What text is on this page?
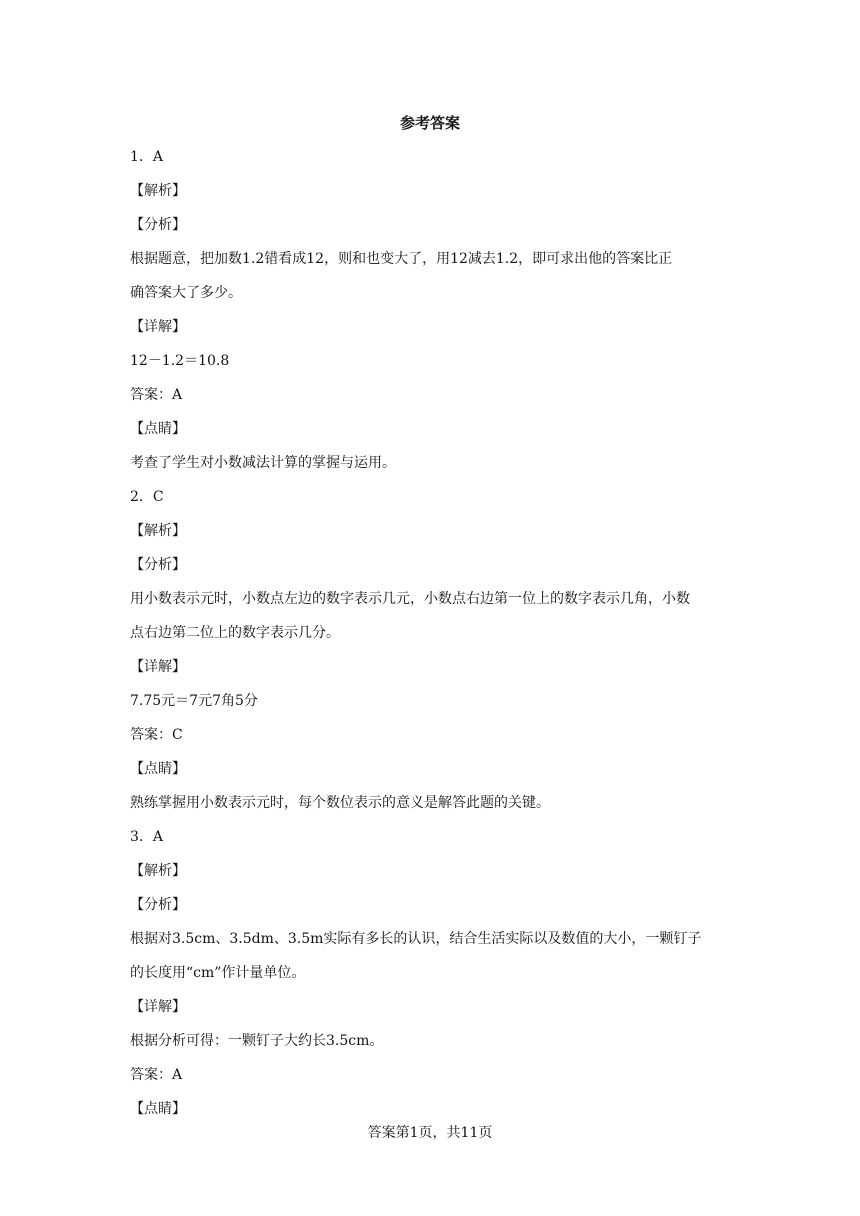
参考答案
1．A
【解析】
【分析】
根据题意，把加数1.2错看成12，则和也变大了，用12减去1.2，即可求出他的答案比正
确答案大了多少。
【详解】
12－1.2＝10.8
答案：A
【点睛】
考查了学生对小数减法计算的掌握与运用。
2．C
【解析】
【分析】
用小数表示元时，小数点左边的数字表示几元，小数点右边第一位上的数字表示几角，小数
点右边第二位上的数字表示几分。
【详解】
7.75元＝7元7角5分
答案：C
【点睛】
熟练掌握用小数表示元时，每个数位表示的意义是解答此题的关键。
3．A
【解析】
【分析】
根据对3.5cm、3.5dm、3.5m实际有多长的认识，结合生活实际以及数值的大小，一颗钉子
的长度用“cm”作计量单位。
【详解】
根据分析可得：一颗钉子大约长3.5cm。
答案：A
【点睛】
答案第1页，共11页
